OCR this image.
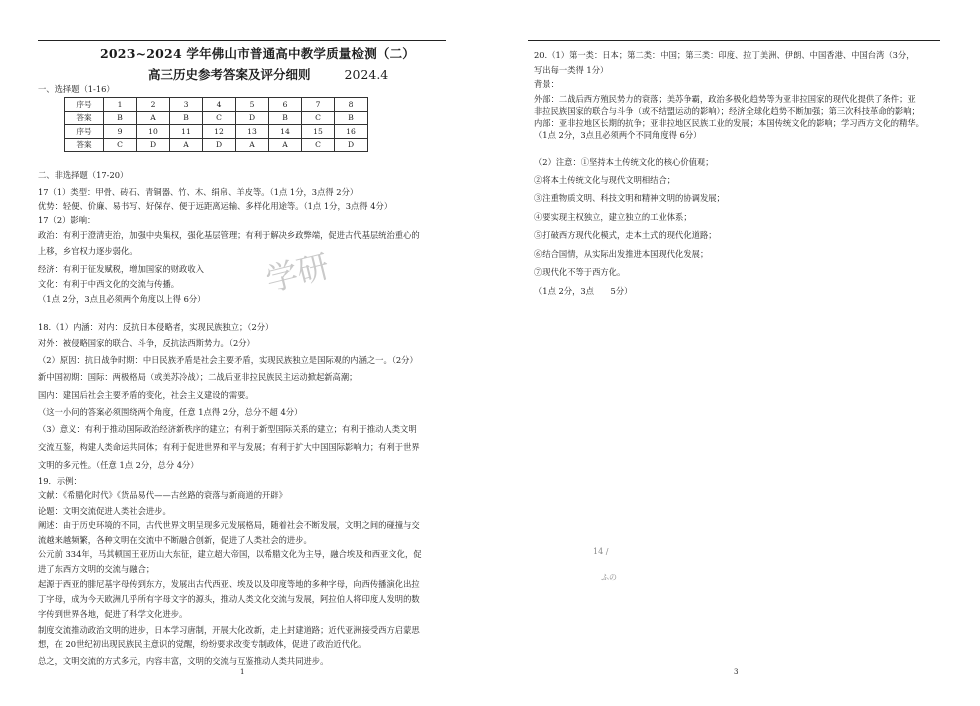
2023~2024 学年佛山市普通高中教学质量检测（二）
高三历史参考答案及评分细则	2024.4
一、选择题（1-16）
序号	1	2	3	4	5	6	7	8
答案	B	A	B	C	D	B	C	B
序号	9	10	11	12	13	14	15	16
答案	C	D	A	D	A	A	C	D
二、非选择题（17-20）
17（1）类型：甲骨、砖石、青铜器、竹、木、绢帛、羊皮等。（1点 1分，3点得 2分）
优势：轻便、价廉、易书写、好保存、便于远距离运输、多样化用途等。（1点 1分，3点得 4分）
17（2）影响：
政治：有利于澄清吏治，加强中央集权，强化基层管理；有利于解决乡政弊端，促进古代基层统治重心的
上移，乡官权力逐步弱化。
经济：有利于征发赋税，增加国家的财政收入
文化：有利于中西文化的交流与传播。
（1点 2分，3点且必须两个角度以上得 6分）
18.（1）内涵：对内：反抗日本侵略者，实现民族独立；（2分）
对外：被侵略国家的联合、斗争，反抗法西斯势力。（2分）
（2）原因：抗日战争时期：中日民族矛盾是社会主要矛盾，实现民族独立是国际观的内涵之一。（2分）
新中国初期：国际：两极格局（或美苏冷战）；二战后亚非拉民族民主运动掀起新高潮；
国内：建国后社会主要矛盾的变化，社会主义建设的需要。
（这一小问的答案必须围绕两个角度，任意 1点得 2分，总分不超 4分）
（3）意义：有利于推动国际政治经济新秩序的建立；有利于新型国际关系的建立；有利于推动人类文明
交流互鉴，构建人类命运共同体；有利于促进世界和平与发展；有利于扩大中国国际影响力；有利于世界
文明的多元性。（任意 1点 2分，总分 4分）
19．示例：
文献：《希腊化时代》《货品易代——古丝路的衰落与新商道的开辟》
论题：文明交流促进人类社会进步。
阐述：由于历史环境的不同，古代世界文明呈现多元发展格局，随着社会不断发展，文明之间的碰撞与交
流越来越频繁，各种文明在交流中不断融合创新，促进了人类社会的进步。
公元前 334年，马其顿国王亚历山大东征，建立超大帝国，以希腊文化为主导，融合埃及和西亚文化，促
进了东西方文明的交流与融合；
起源于西亚的腓尼基字母传到东方，发展出古代西亚、埃及以及印度等地的多种字母，向西传播演化出拉
丁字母，成为今天欧洲几乎所有字母文字的源头，推动人类文化交流与发展，阿拉伯人将印度人发明的数
字传到世界各地，促进了科学文化进步。
制度交流推动政治文明的进步，日本学习唐制，开展大化改新，走上封建道路；近代亚洲接受西方启蒙思
想，在 20世纪初出现民族民主意识的觉醒，纷纷要求改变专制政体，促进了政治近代化。
总之，文明交流的方式多元，内容丰富，文明的交流与互鉴推动人类共同进步。
1
学研
20.（1）第一类：日本；第二类：中国；第三类：印度、拉丁美洲、伊朗、中国香港、中国台湾（3分，
写出每一类得 1分）
背景：
外部：二战后西方殖民势力的衰落；美苏争霸，政治多极化趋势等为亚非拉国家的现代化提供了条件；亚
非拉民族国家的联合与斗争（或不结盟运动的影响）；经济全球化趋势不断加强；第三次科技革命的影响；
内部：亚非拉地区长期的抗争；亚非拉地区民族工业的发展；本国传统文化的影响；学习西方文化的精华。
（1点 2分，3点且必须两个不同角度得 6分）
（2）注意：①坚持本土传统文化的核心价值观；
②将本土传统文化与现代文明相结合；
③注重物质文明、科技文明和精神文明的协调发展；
④要实现主权独立，建立独立的工业体系；
⑤打破西方现代化模式，走本土式的现代化道路；
⑥结合国情，从实际出发推进本国现代化发展；
⑦现代化不等于西方化。
（1点 2分，3点　　5分）
3
14 /
ふの
